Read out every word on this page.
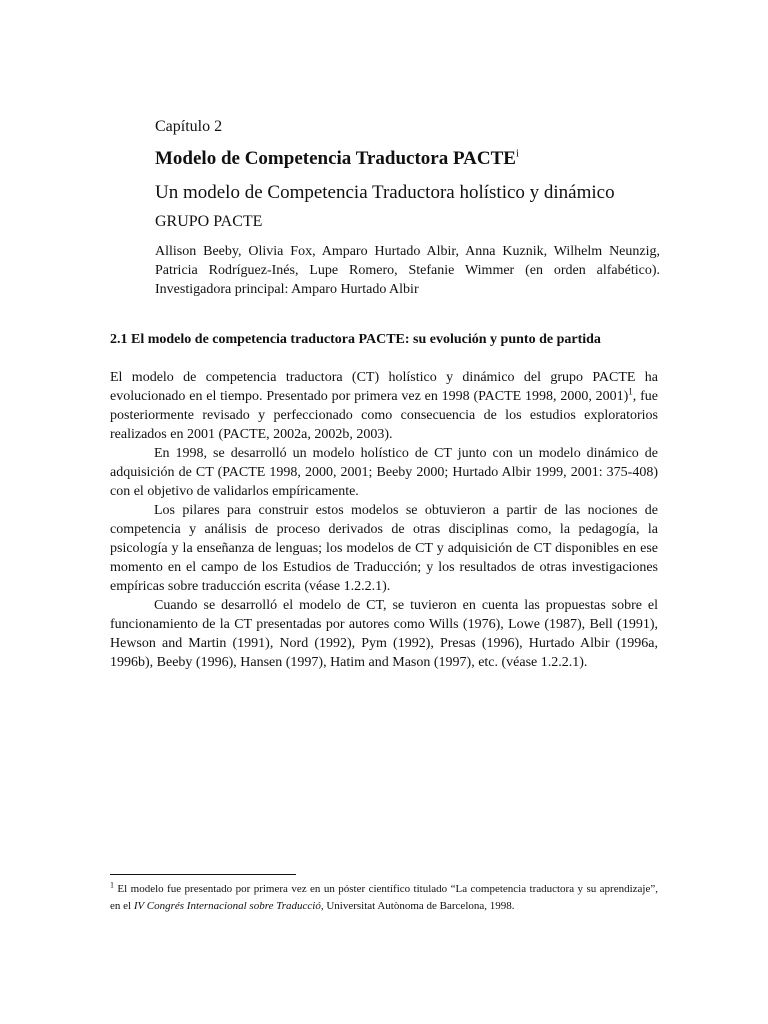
Capítulo 2
Modelo de Competencia Traductora PACTE$^i$
Un modelo de Competencia Traductora holístico y dinámico
GRUPO PACTE

Allison Beeby, Olivia Fox, Amparo Hurtado Albir, Anna Kuznik, Wilhelm Neunzig, Patricia Rodríguez-Inés, Lupe Romero, Stefanie Wimmer (en orden alfabético). Investigadora principal: Amparo Hurtado Albir

2.1 El modelo de competencia traductora PACTE: su evolución y punto de partida

El modelo de competencia traductora (CT) holístico y dinámico del grupo PACTE ha evolucionado en el tiempo. Presentado por primera vez en 1998 (PACTE 1998, 2000, 2001)$^1$, fue posteriormente revisado y perfeccionado como consecuencia de los estudios exploratorios realizados en 2001 (PACTE, 2002a, 2002b, 2003).

En 1998, se desarrolló un modelo holístico de CT junto con un modelo dinámico de adquisición de CT (PACTE 1998, 2000, 2001; Beeby 2000; Hurtado Albir 1999, 2001: 375-408) con el objetivo de validarlos empíricamente.

Los pilares para construir estos modelos se obtuvieron a partir de las nociones de competencia y análisis de proceso derivados de otras disciplinas como, la pedagogía, la psicología y la enseñanza de lenguas; los modelos de CT y adquisición de CT disponibles en ese momento en el campo de los Estudios de Traducción; y los resultados de otras investigaciones empíricas sobre traducción escrita (véase 1.2.2.1).

Cuando se desarrolló el modelo de CT, se tuvieron en cuenta las propuestas sobre el funcionamiento de la CT presentadas por autores como Wills (1976), Lowe (1987), Bell (1991), Hewson and Martin (1991), Nord (1992), Pym (1992), Presas (1996), Hurtado Albir (1996a, 1996b), Beeby (1996), Hansen (1997), Hatim and Mason (1997), etc. (véase 1.2.2.1).

$^1$ El modelo fue presentado por primera vez en un póster científico titulado “La competencia traductora y su aprendizaje”, en el IV Congrés Internacional sobre Traducció, Universitat Autònoma de Barcelona, 1998.
